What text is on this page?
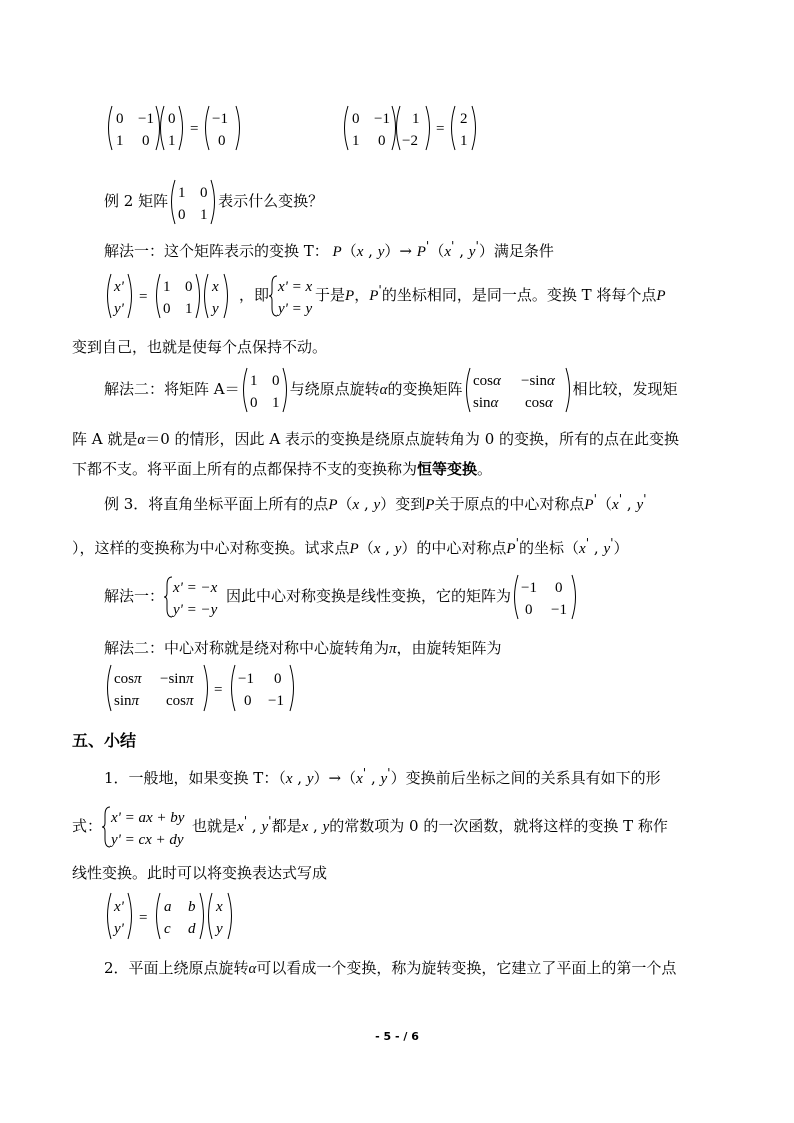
0 −1
1 0
0
1
=
−1
0
0 −1
1 0
1
−2
=
2
1
例 2 矩阵 1 0
0 1
表示什么变换？
解法一：这个矩阵表示的变换 T： P（x , y）→ P'（x' , y'）满足条件
x'
y'
=
1 0
0 1
x
y
，即 x' = x
y' = y
于是P，P'的坐标相同，是同一点。变换 T 将每个点P
变到自己，也就是使每个点保持不动。
解法二：将矩阵 A＝ 1 0
0 1
与绕原点旋转α的变换矩阵 cosα −sinα
sinα cosα
相比较，发现矩
阵 A 就是α＝0 的情形，因此 A 表示的变换是绕原点旋转角为 0 的变换，所有的点在此变换
下都不支。将平面上所有的点都保持不支的变换称为恒等变换。
例 3．将直角坐标平面上所有的点P（x , y）变到P关于原点的中心对称点P'（x' , y'
），这样的变换称为中心对称变换。试求点P（x , y）的中心对称点P'的坐标（x' , y'）
解法一： x' = −x
y' = −y
因此中心对称变换是线性变换，它的矩阵为 −1 0
0 −1
解法二：中心对称就是绕对称中心旋转角为π，由旋转矩阵为
cosπ −sinπ
sinπ cosπ
=
−1 0
0 −1
五、小结
1．一般地，如果变换 T：（x , y）→（x' , y'）变换前后坐标之间的关系具有如下的形
式： x' = ax + by
y' = cx + dy
也就是x' , y'都是x , y的常数项为 0 的一次函数，就将这样的变换 T 称作
线性变换。此时可以将变换表达式写成
x'
y'
=
a b
c d
x
y
2．平面上绕原点旋转α可以看成一个变换，称为旋转变换，它建立了平面上的第一个点
- 5 - / 6
